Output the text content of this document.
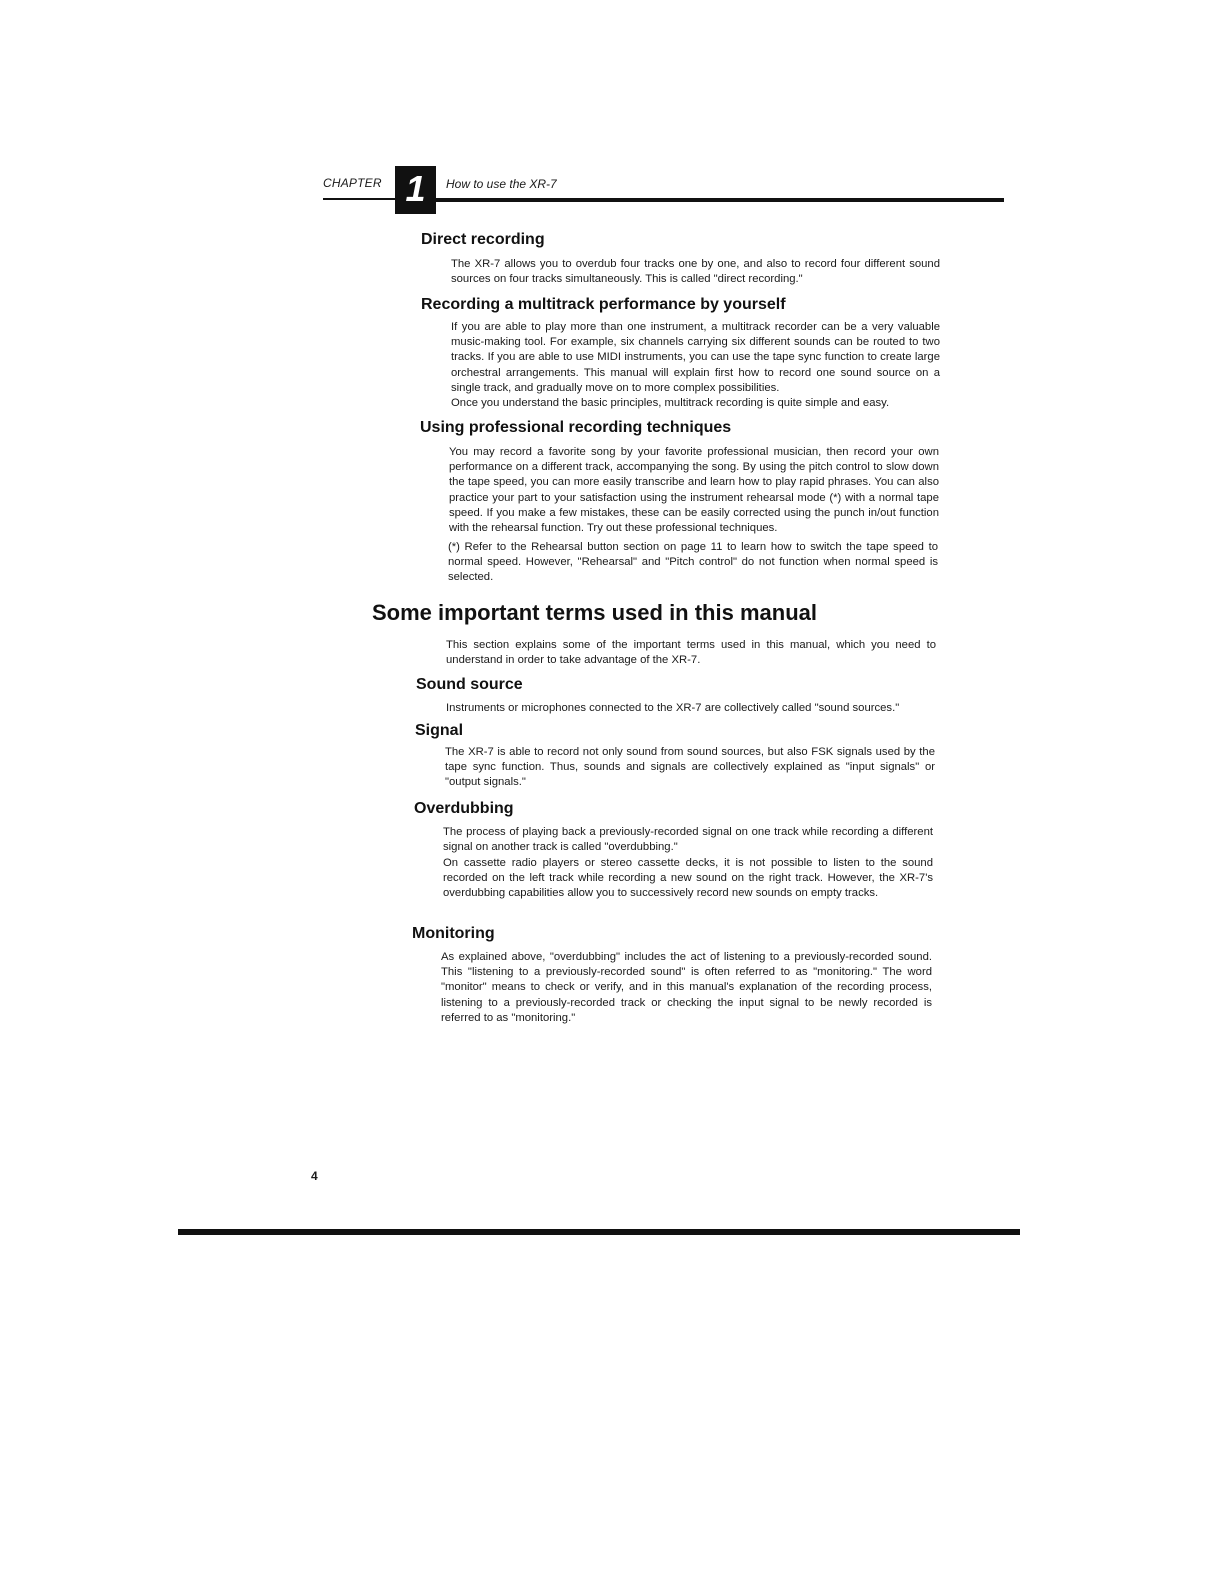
CHAPTER 1	How to use the XR-7
Direct recording

The XR-7 allows you to overdub four tracks one by one, and also to record four different sound sources on four tracks simultaneously. This is called "direct recording."

Recording a multitrack performance by yourself

If you are able to play more than one instrument, a multitrack recorder can be a very valuable music-making tool. For example, six channels carrying six different sounds can be routed to two tracks. If you are able to use MIDI instruments, you can use the tape sync function to create large orchestral arrangements. This manual will explain first how to record one sound source on a single track, and gradually move on to more complex possibilities.

Once you understand the basic principles, multitrack recording is quite simple and easy.

Using professional recording techniques

You may record a favorite song by your favorite professional musician, then record your own performance on a different track, accompanying the song. By using the pitch control to slow down the tape speed, you can more easily transcribe and learn how to play rapid phrases. You can also practice your part to your satisfaction using the instrument rehearsal mode (*) with a normal tape speed. If you make a few mistakes, these can be easily corrected using the punch in/out function with the rehearsal function. Try out these professional techniques.

(*) Refer to the Rehearsal button section on page 11 to learn how to switch the tape speed to normal speed. However, "Rehearsal" and "Pitch control" do not function when normal speed is selected.

Some important terms used in this manual

This section explains some of the important terms used in this manual, which you need to understand in order to take advantage of the XR-7.

Sound source

Instruments or microphones connected to the XR-7 are collectively called "sound sources."

Signal

The XR-7 is able to record not only sound from sound sources, but also FSK signals used by the tape sync function. Thus, sounds and signals are collectively explained as "input signals" or "output signals."

Overdubbing

The process of playing back a previously-recorded signal on one track while recording a different signal on another track is called "overdubbing."

On cassette radio players or stereo cassette decks, it is not possible to listen to the sound recorded on the left track while recording a new sound on the right track. However, the XR-7's overdubbing capabilities allow you to successively record new sounds on empty tracks.

Monitoring

As explained above, "overdubbing" includes the act of listening to a previously-recorded sound. This "listening to a previously-recorded sound" is often referred to as "monitoring." The word "monitor" means to check or verify, and in this manual's explanation of the recording process, listening to a previously-recorded track or checking the input signal to be newly recorded is referred to as "monitoring."

4
